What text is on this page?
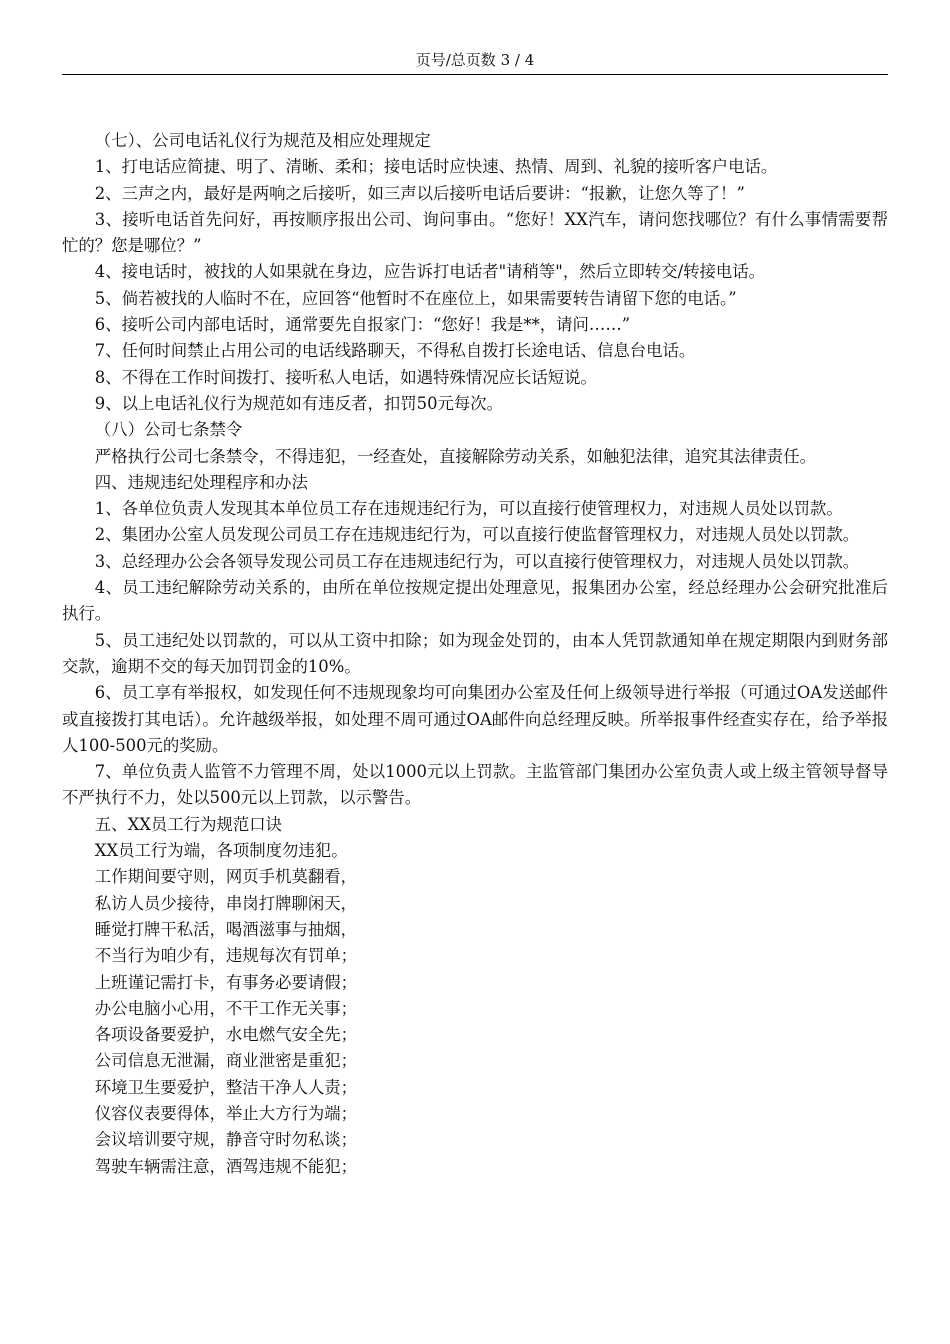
页号/总页数 3 / 4

（七）、公司电话礼仪行为规范及相应处理规定

1、打电话应简捷、明了、清晰、柔和；接电话时应快速、热情、周到、礼貌的接听客户电话。

2、三声之内，最好是两响之后接听，如三声以后接听电话后要讲：“报歉，让您久等了！”

3、接听电话首先问好，再按顺序报出公司、询问事由。“您好！XX汽车，请问您找哪位？有什么事情需要帮忙的？您是哪位？”

4、接电话时，被找的人如果就在身边，应告诉打电话者"请稍等"，然后立即转交/转接电话。

5、倘若被找的人临时不在，应回答“他暂时不在座位上，如果需要转告请留下您的电话。”

6、接听公司内部电话时，通常要先自报家门：“您好！我是**，请问……”

7、任何时间禁止占用公司的电话线路聊天，不得私自拨打长途电话、信息台电话。

8、不得在工作时间拨打、接听私人电话，如遇特殊情况应长话短说。

9、以上电话礼仪行为规范如有违反者，扣罚50元每次。

（八）公司七条禁令

严格执行公司七条禁令，不得违犯，一经查处，直接解除劳动关系，如触犯法律，追究其法律责任。

四、违规违纪处理程序和办法

1、各单位负责人发现其本单位员工存在违规违纪行为，可以直接行使管理权力，对违规人员处以罚款。

2、集团办公室人员发现公司员工存在违规违纪行为，可以直接行使监督管理权力，对违规人员处以罚款。

3、总经理办公会各领导发现公司员工存在违规违纪行为，可以直接行使管理权力，对违规人员处以罚款。

4、员工违纪解除劳动关系的，由所在单位按规定提出处理意见，报集团办公室，经总经理办公会研究批准后执行。

5、员工违纪处以罚款的，可以从工资中扣除；如为现金处罚的，由本人凭罚款通知单在规定期限内到财务部交款，逾期不交的每天加罚罚金的10%。

6、员工享有举报权，如发现任何不违规现象均可向集团办公室及任何上级领导进行举报（可通过OA发送邮件或直接拨打其电话）。允许越级举报，如处理不周可通过OA邮件向总经理反映。所举报事件经查实存在，给予举报人100-500元的奖励。

7、单位负责人监管不力管理不周，处以1000元以上罚款。主监管部门集团办公室负责人或上级主管领导督导不严执行不力，处以500元以上罚款，以示警告。

五、XX员工行为规范口诀

XX员工行为端，各项制度勿违犯。

工作期间要守则，网页手机莫翻看，

私访人员少接待，串岗打牌聊闲天，

睡觉打牌干私活，喝酒滋事与抽烟，

不当行为咱少有，违规每次有罚单；

上班谨记需打卡，有事务必要请假；

办公电脑小心用，不干工作无关事；

各项设备要爱护，水电燃气安全先；

公司信息无泄漏，商业泄密是重犯；

环境卫生要爱护，整洁干净人人责；

仪容仪表要得体，举止大方行为端；

会议培训要守规，静音守时勿私谈；

驾驶车辆需注意，酒驾违规不能犯；
